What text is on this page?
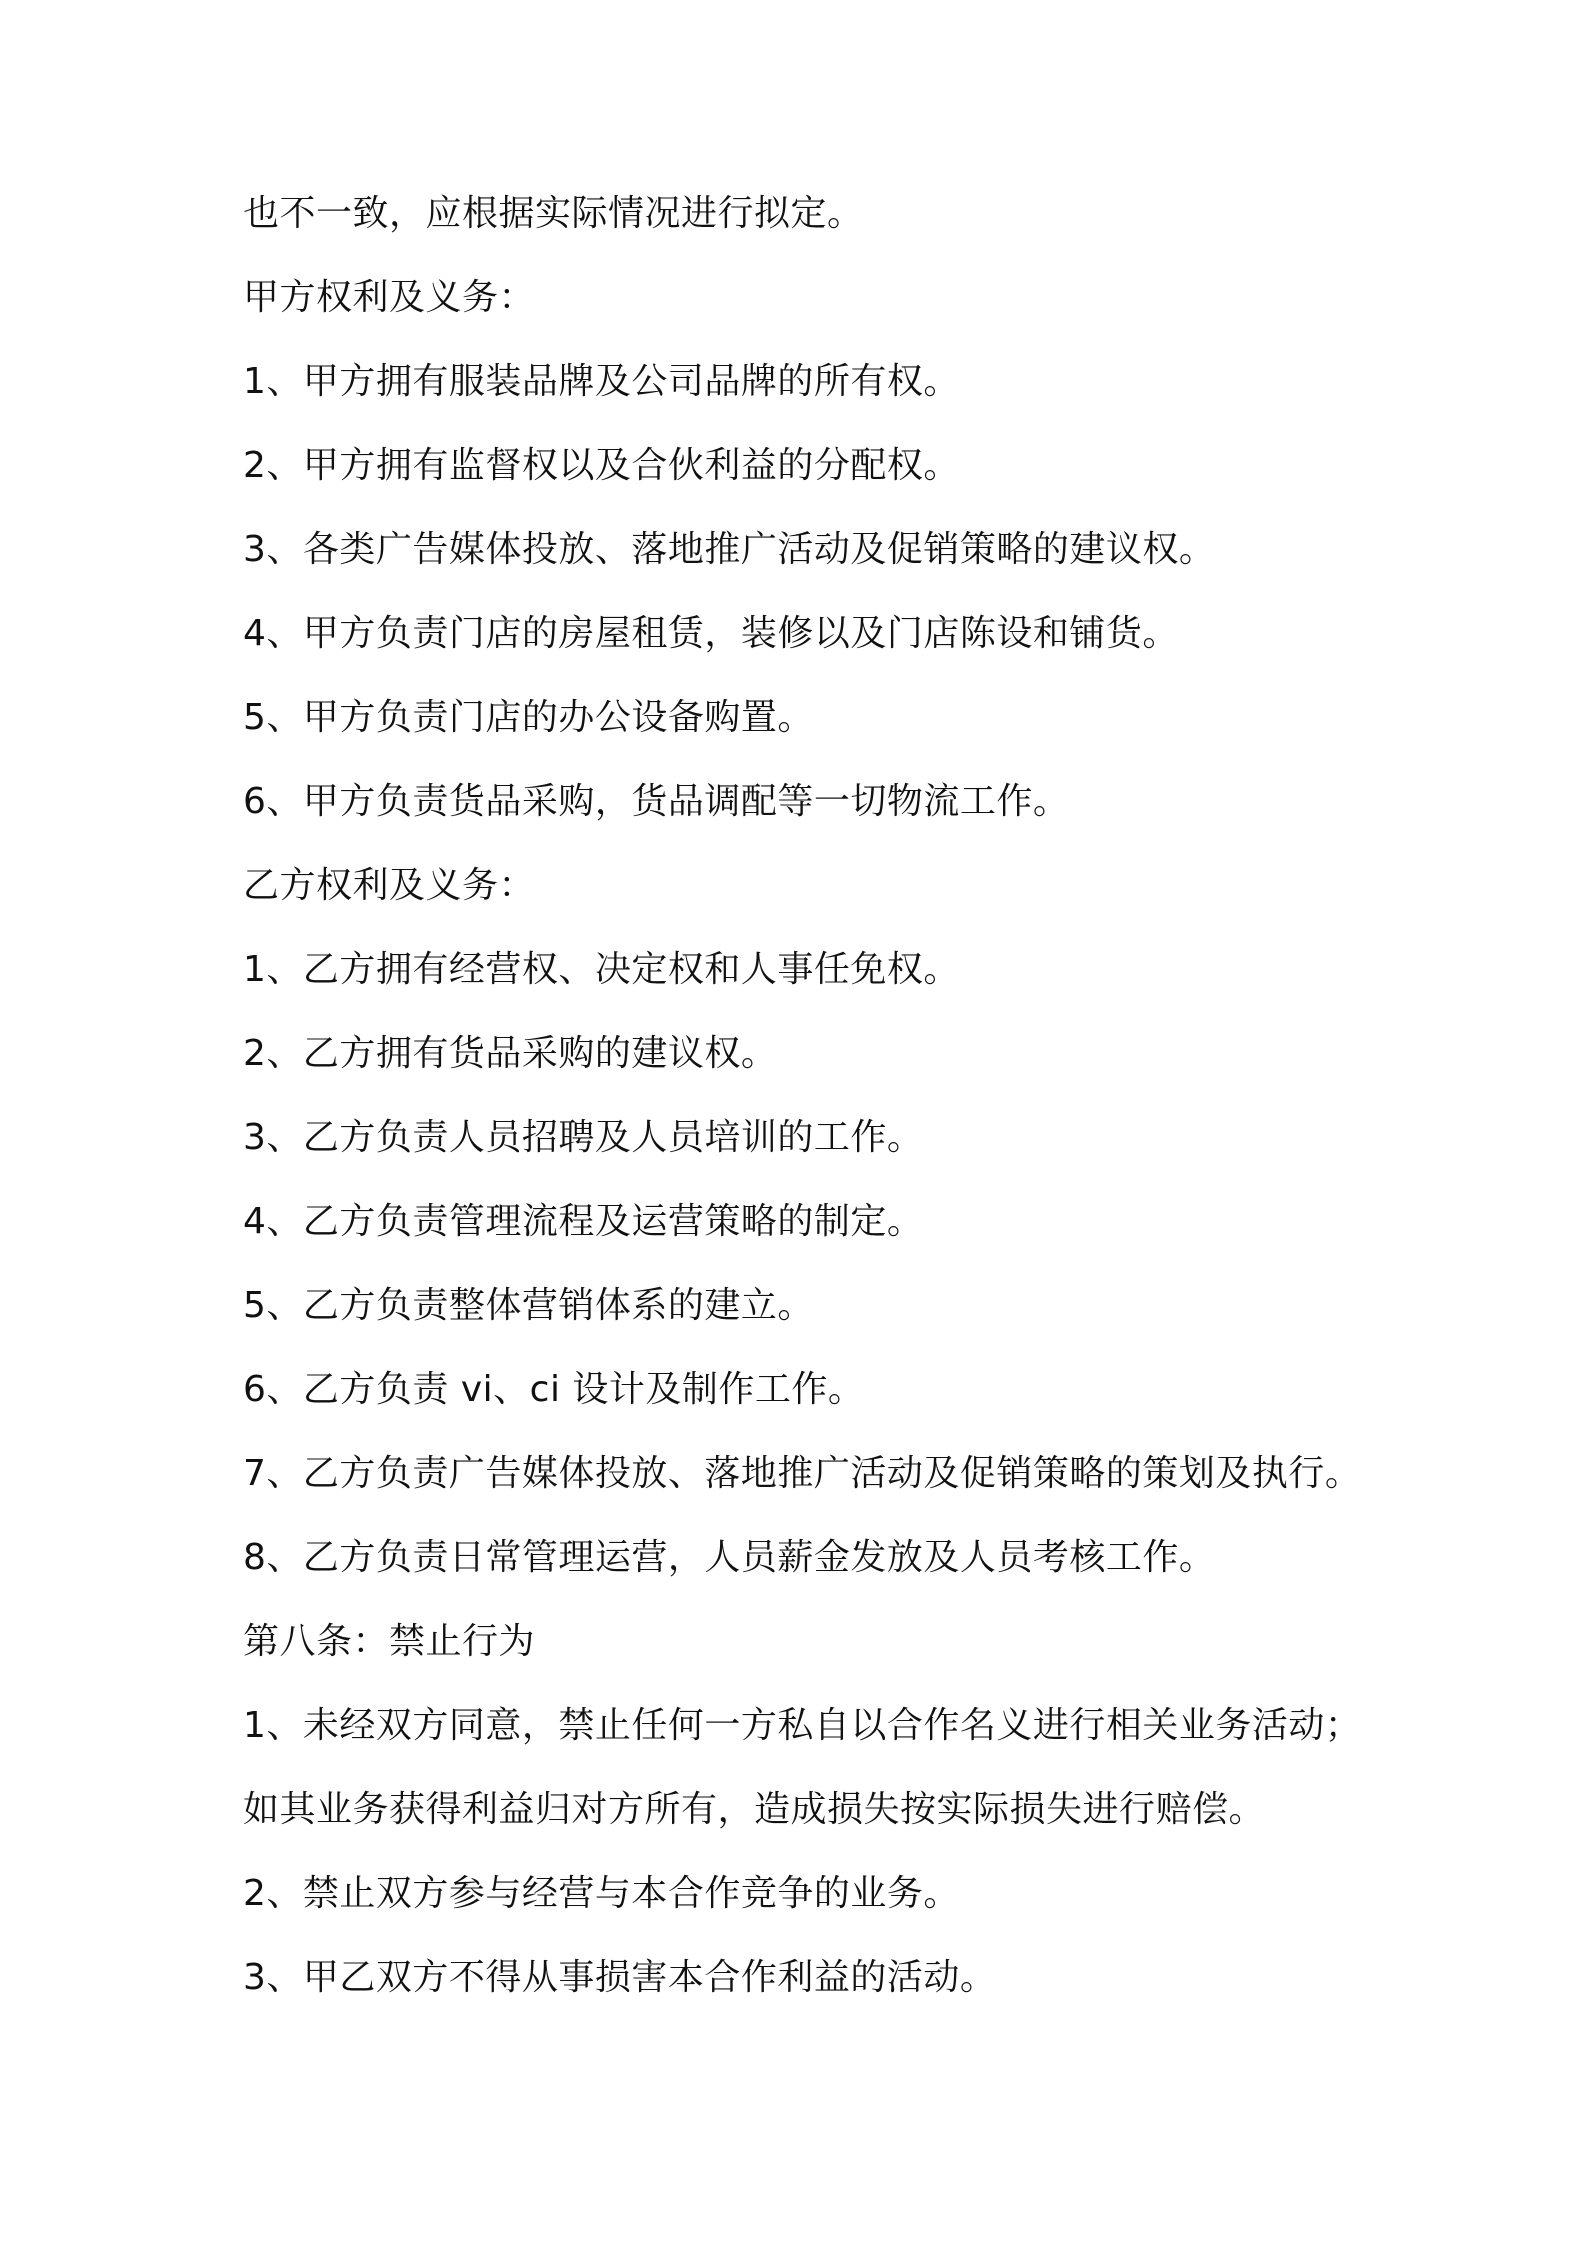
也不一致，应根据实际情况进行拟定。
甲方权利及义务：
1、甲方拥有服装品牌及公司品牌的所有权。
2、甲方拥有监督权以及合伙利益的分配权。
3、各类广告媒体投放、落地推广活动及促销策略的建议权。
4、甲方负责门店的房屋租赁，装修以及门店陈设和铺货。
5、甲方负责门店的办公设备购置。
6、甲方负责货品采购，货品调配等一切物流工作。
乙方权利及义务：
1、乙方拥有经营权、决定权和人事任免权。
2、乙方拥有货品采购的建议权。
3、乙方负责人员招聘及人员培训的工作。
4、乙方负责管理流程及运营策略的制定。
5、乙方负责整体营销体系的建立。
6、乙方负责 vi、ci 设计及制作工作。
7、乙方负责广告媒体投放、落地推广活动及促销策略的策划及执行。
8、乙方负责日常管理运营，人员薪金发放及人员考核工作。
第八条：禁止行为
1、未经双方同意，禁止任何一方私自以合作名义进行相关业务活动；
如其业务获得利益归对方所有，造成损失按实际损失进行赔偿。
2、禁止双方参与经营与本合作竞争的业务。
3、甲乙双方不得从事损害本合作利益的活动。
